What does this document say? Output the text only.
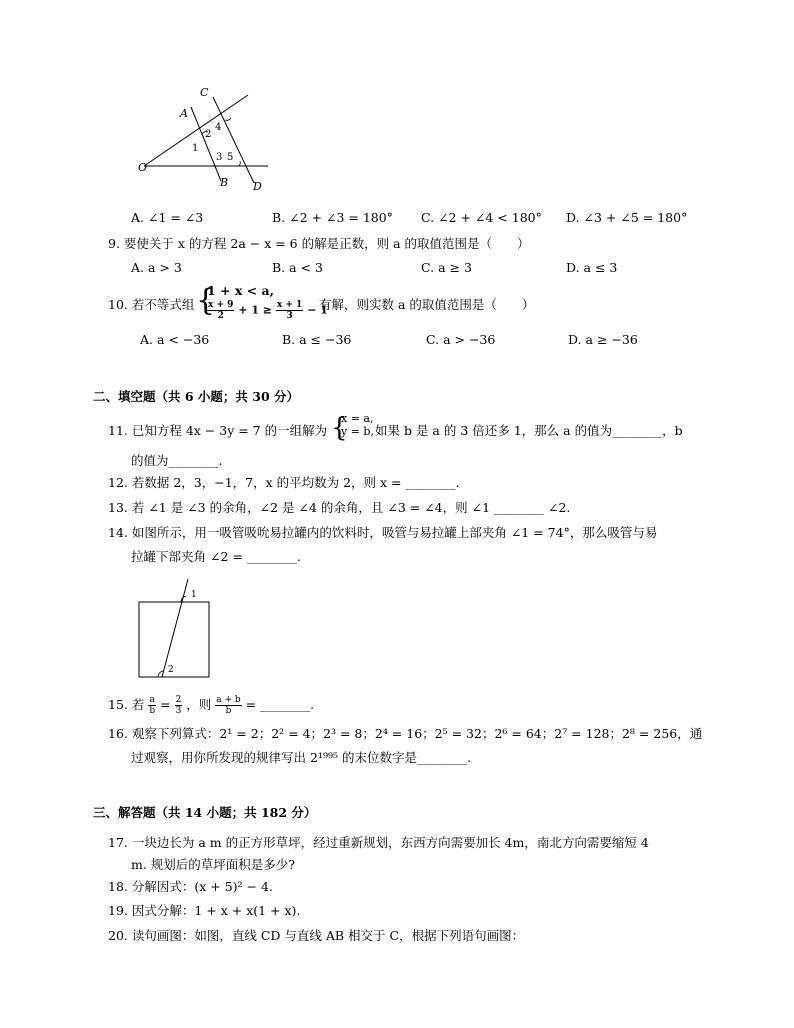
C
A
4
2
1
3 5
O
B D
A. ∠1 = ∠3	B. ∠2 + ∠3 = 180° C. ∠2 + ∠4 < 180° D. ∠3 + ∠5 = 180°
9. 要使关于 x 的方程 2a − x = 6 的解是正数，则 a 的取值范围是（　　）
A. a > 3	B. a < 3	C. a ≥ 3	D. a ≤ 3
10. 若不等式组 {
1 + x < a,
$\frac{x + 9}{2} + 1 \ge \frac{x + 1}{3} - 1$
有解，则实数 a 的取值范围是（　　）
A. a < −36	B. a ≤ −36	C. a > −36	D. a ≥ −36
二、填空题（共 6 小题；共 30 分）
11. 已知方程 4x − 3y = 7 的一组解为 {
x = a,
y = b, 如果 b 是 a 的 3 倍还多 1，那么 a 的值为________，b
的值为________.
12. 若数据 2，3，−1，7，x 的平均数为 2，则 x = ________.
13. 若 ∠1 是 ∠3 的余角，∠2 是 ∠4 的余角，且 ∠3 = ∠4，则 ∠1 ________ ∠2.
14. 如图所示，用一吸管吸吮易拉罐内的饮料时，吸管与易拉罐上部夹角 ∠1 = 74°，那么吸管与易
拉罐下部夹角 ∠2 = ________.
1
2
15. 若 $\frac{a}{b} = \frac{2}{3}$ ，则 $\frac{a + b}{b}$ = ________.
16. 观察下列算式：2¹ = 2；2² = 4；2³ = 8；2⁴ = 16；2⁵ = 32；2⁶ = 64；2⁷ = 128；2⁸ = 256，通
过观察，用你所发现的规律写出 2¹⁹⁹⁵ 的末位数字是________.
三、解答题（共 14 小题；共 182 分）
17. 一块边长为 a m 的正方形草坪，经过重新规划，东西方向需要加长 4m，南北方向需要缩短 4
m. 规划后的草坪面积是多少?
18. 分解因式：(x + 5)² − 4.
19. 因式分解：1 + x + x(1 + x).
20. 读句画图：如图，直线 CD 与直线 AB 相交于 C，根据下列语句画图：
